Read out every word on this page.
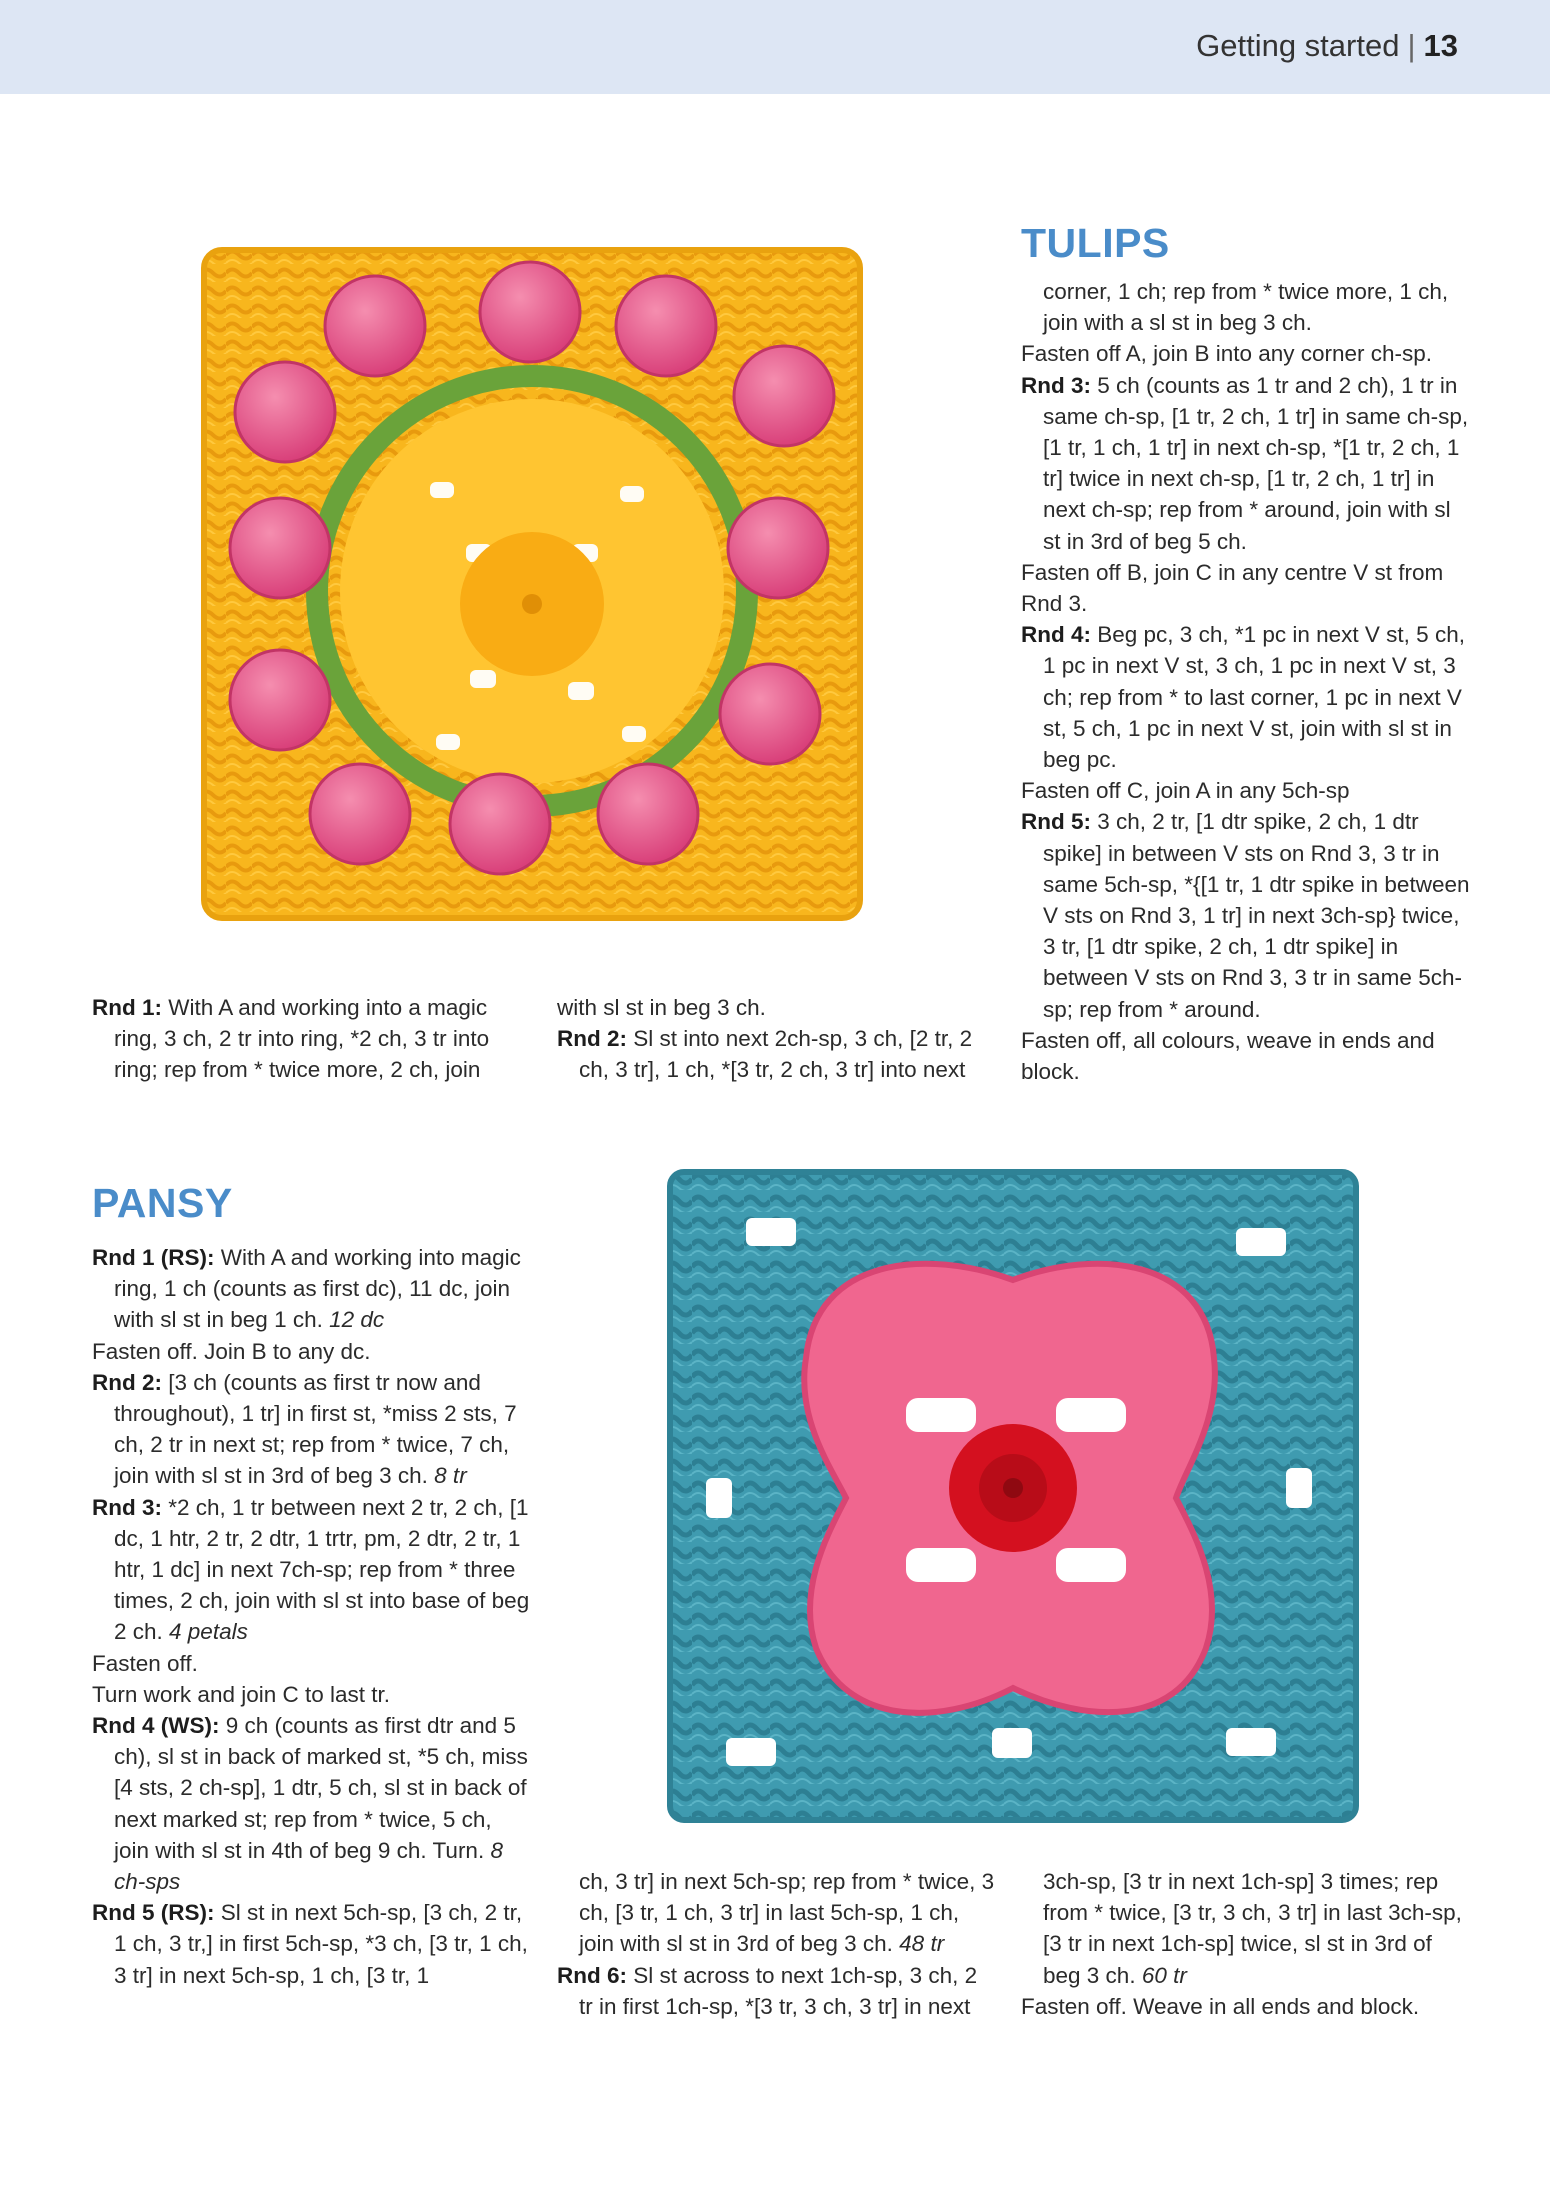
Getting started | 13
TULIPS

Rnd 1: With A and working into a magic ring, 3 ch, 2 tr into ring, *2 ch, 3 tr into ring; rep from * twice more, 2 ch, join

with sl st in beg 3 ch.

Rnd 2: Sl st into next 2ch-sp, 3 ch, [2 tr, 2 ch, 3 tr], 1 ch, *[3 tr, 2 ch, 3 tr] into next

corner, 1 ch; rep from * twice more, 1 ch, join with a sl st in beg 3 ch.

Fasten off A, join B into any corner ch-sp.

Rnd 3: 5 ch (counts as 1 tr and 2 ch), 1 tr in same ch-sp, [1 tr, 2 ch, 1 tr] in same ch-sp, [1 tr, 1 ch, 1 tr] in next ch-sp, *[1 tr, 2 ch, 1 tr] twice in next ch-sp, [1 tr, 2 ch, 1 tr] in next ch-sp; rep from * around, join with sl st in 3rd of beg 5 ch.

Fasten off B, join C in any centre V st from Rnd 3.

Rnd 4: Beg pc, 3 ch, *1 pc in next V st, 5 ch, 1 pc in next V st, 3 ch, 1 pc in next V st, 3 ch; rep from * to last corner, 1 pc in next V st, 5 ch, 1 pc in next V st, join with sl st in beg pc.

Fasten off C, join A in any 5ch-sp

Rnd 5: 3 ch, 2 tr, [1 dtr spike, 2 ch, 1 dtr spike] in between V sts on Rnd 3, 3 tr in same 5ch-sp, *{[1 tr, 1 dtr spike in between V sts on Rnd 3, 1 tr] in next 3ch-sp} twice, 3 tr, [1 dtr spike, 2 ch, 1 dtr spike] in between V sts on Rnd 3, 3 tr in same 5ch-sp; rep from * around.

Fasten off, all colours, weave in ends and block.

PANSY

Rnd 1 (RS): With A and working into magic ring, 1 ch (counts as first dc), 11 dc, join with sl st in beg 1 ch. 12 dc

Fasten off. Join B to any dc.

Rnd 2: [3 ch (counts as first tr now and throughout), 1 tr] in first st, *miss 2 sts, 7 ch, 2 tr in next st; rep from * twice, 7 ch, join with sl st in 3rd of beg 3 ch. 8 tr

Rnd 3: *2 ch, 1 tr between next 2 tr, 2 ch, [1 dc, 1 htr, 2 tr, 2 dtr, 1 trtr, pm, 2 dtr, 2 tr, 1 htr, 1 dc] in next 7ch-sp; rep from * three times, 2 ch, join with sl st into base of beg 2 ch. 4 petals

Fasten off.

Turn work and join C to last tr.

Rnd 4 (WS): 9 ch (counts as first dtr and 5 ch), sl st in back of marked st, *5 ch, miss [4 sts, 2 ch-sp], 1 dtr, 5 ch, sl st in back of next marked st; rep from * twice, 5 ch, join with sl st in 4th of beg 9 ch. Turn. 8 ch-sps

Rnd 5 (RS): Sl st in next 5ch-sp, [3 ch, 2 tr, 1 ch, 3 tr,] in first 5ch-sp, *3 ch, [3 tr, 1 ch, 3 tr] in next 5ch-sp, 1 ch, [3 tr, 1

ch, 3 tr] in next 5ch-sp; rep from * twice, 3 ch, [3 tr, 1 ch, 3 tr] in last 5ch-sp, 1 ch, join with sl st in 3rd of beg 3 ch. 48 tr

Rnd 6: Sl st across to next 1ch-sp, 3 ch, 2 tr in first 1ch-sp, *[3 tr, 3 ch, 3 tr] in next

3ch-sp, [3 tr in next 1ch-sp] 3 times; rep from * twice, [3 tr, 3 ch, 3 tr] in last 3ch-sp, [3 tr in next 1ch-sp] twice, sl st in 3rd of beg 3 ch. 60 tr

Fasten off. Weave in all ends and block.
